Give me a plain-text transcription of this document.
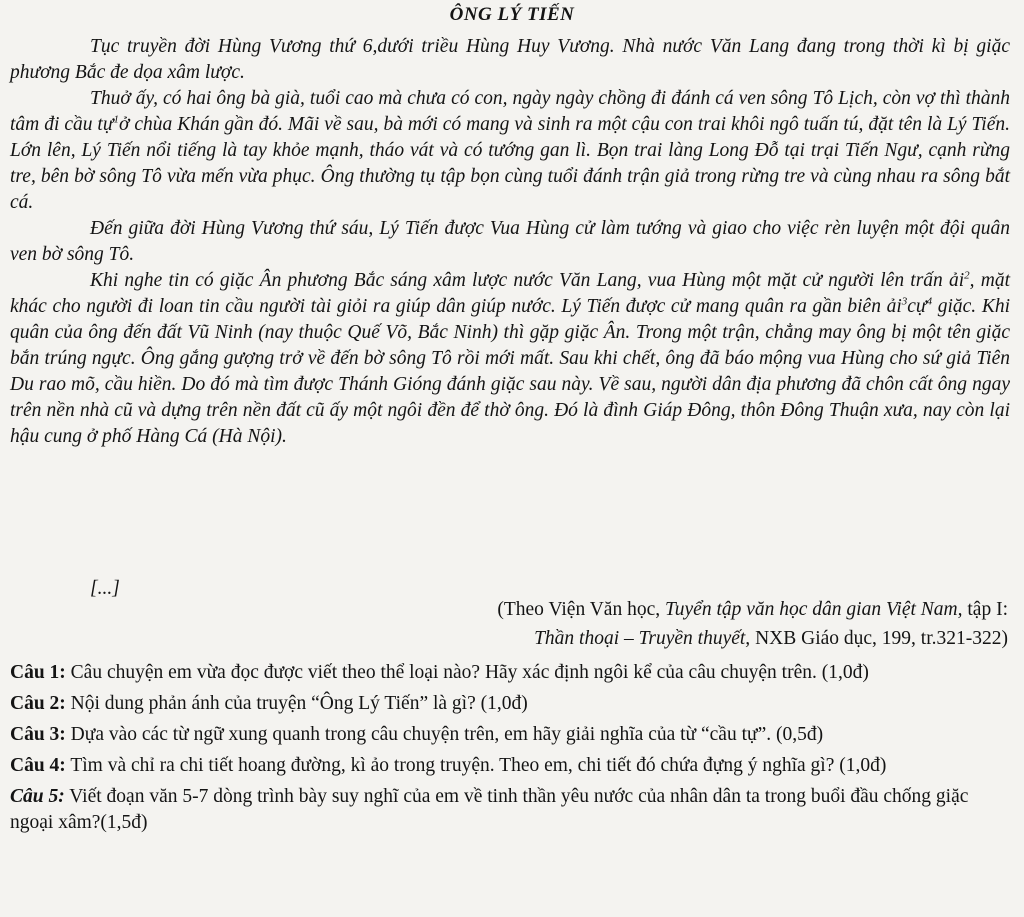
ÔNG LÝ TIẾN

Tục truyền đời Hùng Vương thứ 6,dưới triều Hùng Huy Vương. Nhà nước Văn Lang đang trong thời kì bị giặc phương Bắc đe dọa xâm lược.

Thuở ấy, có hai ông bà già, tuổi cao mà chưa có con, ngày ngày chồng đi đánh cá ven sông Tô Lịch, còn vợ thì thành tâm đi cầu tự$^1$ở chùa Khán gần đó. Mãi về sau, bà mới có mang và sinh ra một cậu con trai khôi ngô tuấn tú, đặt tên là Lý Tiến. Lớn lên, Lý Tiến nổi tiếng là tay khỏe mạnh, tháo vát và có tướng gan lì. Bọn trai làng Long Đỗ tại trại Tiến Ngư, cạnh rừng tre, bên bờ sông Tô vừa mến vừa phục. Ông thường tụ tập bọn cùng tuổi đánh trận giả trong rừng tre và cùng nhau ra sông bắt cá.

Đến giữa đời Hùng Vương thứ sáu, Lý Tiến được Vua Hùng cử làm tướng và giao cho việc rèn luyện một đội quân ven bờ sông Tô.

Khi nghe tin có giặc Ân phương Bắc sáng xâm lược nước Văn Lang, vua Hùng một mặt cử người lên trấn ải$^2$, mặt khác cho người đi loan tin cầu người tài giỏi ra giúp dân giúp nước. Lý Tiến được cử mang quân ra gần biên ải$^3$cự$^4$ giặc. Khi quân của ông đến đất Vũ Ninh (nay thuộc Quế Võ, Bắc Ninh) thì gặp giặc Ân. Trong một trận, chẳng may ông bị một tên giặc bắn trúng ngực. Ông gắng gượng trở về đến bờ sông Tô rồi mới mất. Sau khi chết, ông đã báo mộng vua Hùng cho sứ giả Tiên Du rao mõ, cầu hiền. Do đó mà tìm được Thánh Gióng đánh giặc sau này. Về sau, người dân địa phương đã chôn cất ông ngay trên nền nhà cũ và dựng trên nền đất cũ ấy một ngôi đền để thờ ông. Đó là đình Giáp Đông, thôn Đông Thuận xưa, nay còn lại hậu cung ở phố Hàng Cá (Hà Nội).

[...]
(Theo Viện Văn học, Tuyển tập văn học dân gian Việt Nam, tập I:
Thần thoại – Truyền thuyết, NXB Giáo dục, 199, tr.321-322)

Câu 1: Câu chuyện em vừa đọc được viết theo thể loại nào? Hãy xác định ngôi kể của câu chuyện trên. (1,0đ)

Câu 2: Nội dung phản ánh của truyện “Ông Lý Tiến” là gì? (1,0đ)

Câu 3: Dựa vào các từ ngữ xung quanh trong câu chuyện trên, em hãy giải nghĩa của từ “cầu tự”. (0,5đ)

Câu 4: Tìm và chỉ ra chi tiết hoang đường, kì ảo trong truyện. Theo em, chi tiết đó chứa đựng ý nghĩa gì? (1,0đ)

Câu 5: Viết đoạn văn 5-7 dòng trình bày suy nghĩ của em về tinh thần yêu nước của nhân dân ta trong buổi đầu chống giặc ngoại xâm?(1,5đ)
